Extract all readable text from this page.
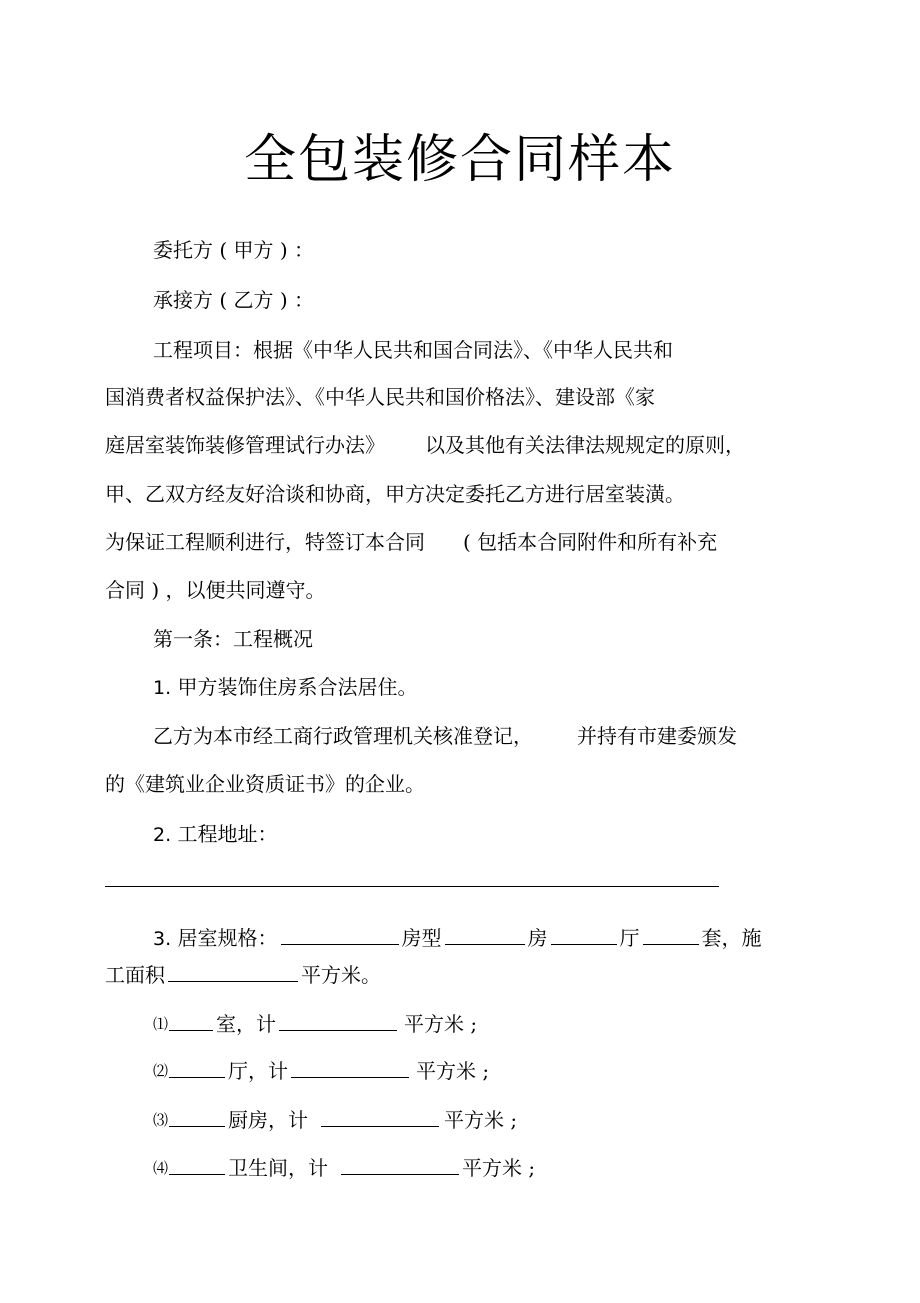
全包装修合同样本
委托方 ( 甲方 ) ：
承接方 ( 乙方 ) ：
工程项目：根据《中华人民共和国合同法》、《中华人民共和
国消费者权益保护法》、《中华人民共和国价格法》、建设部《家
庭居室装饰装修管理试行办法》 以及其他有关法律法规规定的原则，
甲、乙双方经友好洽谈和协商，甲方决定委托乙方进行居室装潢。
为保证工程顺利进行，特签订本合同 ( 包括本合同附件和所有补充
合同 ) ，以便共同遵守。
第一条：工程概况
1. 甲方装饰住房系合法居住。
乙方为本市经工商行政管理机关核准登记， 并持有市建委颁发
的《建筑业企业资质证书》的企业。
2. 工程地址：
3. 居室规格：	房型	房	厅	套，施
工面积	平方米。
⑴ 室，计	平方米 ;
⑵	厅，计	平方米 ;
⑶	厨房，计	平方米 ;
⑷	卫生间，计	平方米 ;
